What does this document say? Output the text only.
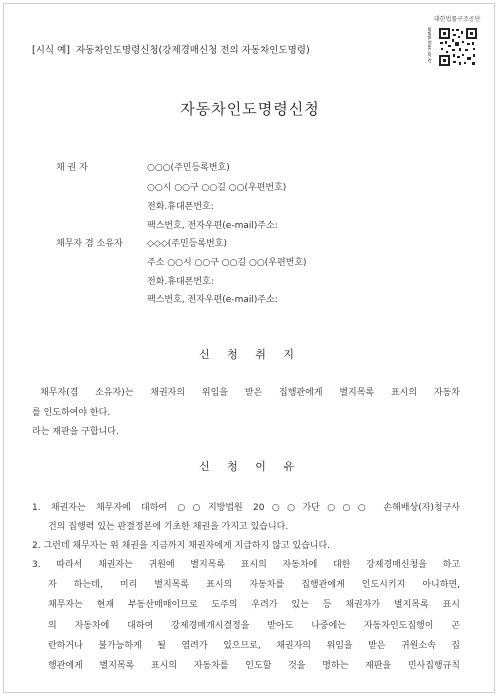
[시식 예] 자동차인도명령신청(강제경매신청 전의 자동차인도명령)
대한법률구조공단
www.klac.or.kr
자동차인도명령신청
채 권 자	○○○(주민등록번호)
○○시 ○○구 ○○길 ○○(우편번호)
전화.휴대폰번호:
팩스번호, 전자우편(e-mail)주소:
채무자 겸 소유자	◇◇◇(주민등록번호)
주소 ○○시 ○○구 ○○길 ○○(우편번호)
전화.휴대폰번호:
팩스번호, 전자우편(e-mail)주소:
신 청 취 지
채무자(겸 소유자)는 채권자의 위임을 받은 집행관에게 별지목록 표시의 자동차
를 인도하여야 한다.
라는 재판을 구합니다.
신 청 이 유
1. 채권자는 채무자에 대하여 ○○지방법원 20○○가단○○○ 손해배상(자)청구사
건의 집행력 있는 판결정본에 기초한 채권을 가지고 있습니다.
2. 그런데 채무자는 위 채권을 지금까지 채권자에게 지급하지 않고 있습니다.
3. 따라서 채권자는 귀원에 별지목록 표시의 자동차에 대한 강제경매신청을 하고
자 하는데, 미리 별지목록 표시의 자동차를 집행관에게 인도시키지 아니하면,
채무자는 현재 부동산매매이므로 도주의 우려가 있는 등 채권자가 별지목록 표시
의 자동차에 대하여 강제경매개시결정을 받아도 나중에는 자동차인도집행이 곤
란하거나 불가능하게 될 염려가 있으므로, 채권자의 위임을 받은 귀원소속 집
행관에게 별지목록 표시의 자동차를 인도할 것을 명하는 재판을 민사집행규칙
